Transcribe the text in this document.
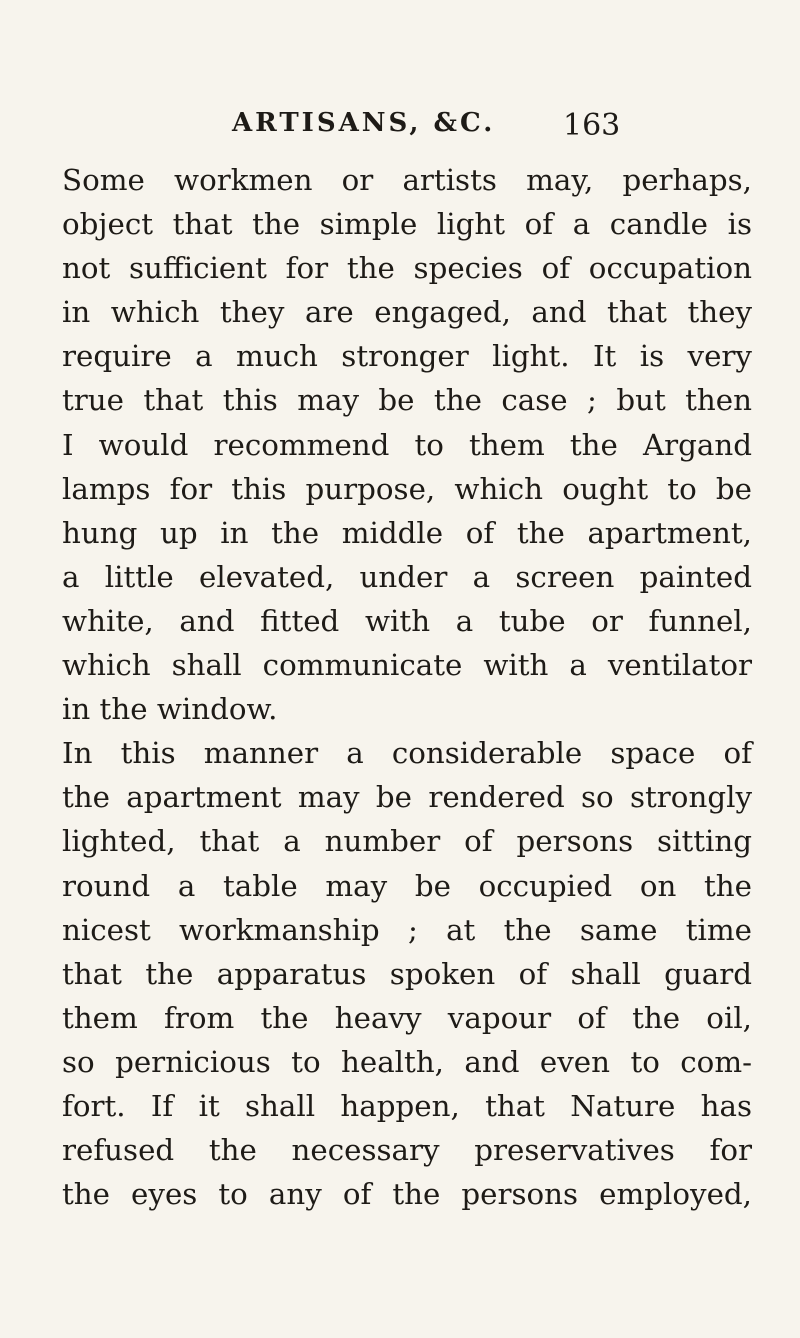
ARTISANS, &C. 163
Some workmen or artists may, perhaps,
object that the simple light of a candle is
not sufficient for the species of occupation
in which they are engaged, and that they
require a much stronger light. It is very
true that this may be the case ; but then
I would recommend to them the Argand
lamps for this purpose, which ought to be
hung up in the middle of the apartment,
a little elevated, under a screen painted
white, and fitted with a tube or funnel,
which shall communicate with a ventilator
in the window.
In this manner a considerable space of
the apartment may be rendered so strongly
lighted, that a number of persons sitting
round a table may be occupied on the
nicest workmanship ; at the same time
that the apparatus spoken of shall guard
them from the heavy vapour of the oil,
so pernicious to health, and even to com-
fort. If it shall happen, that Nature has
refused the necessary preservatives for
the eyes to any of the persons employed,
